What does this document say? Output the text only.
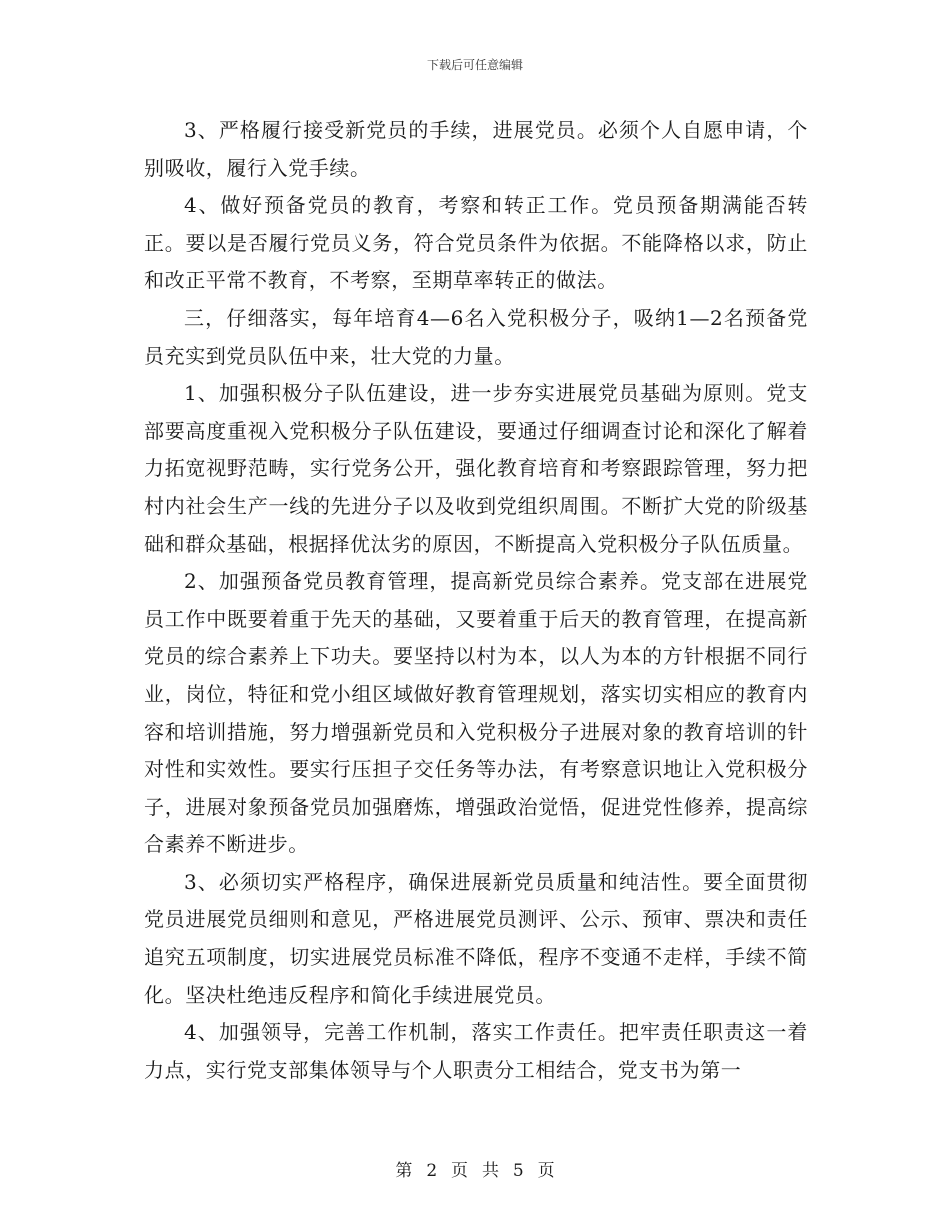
下载后可任意编辑

3、严格履行接受新党员的手续，进展党员。必须个人自愿申请，个别吸收，履行入党手续。

4、做好预备党员的教育，考察和转正工作。党员预备期满能否转正。要以是否履行党员义务，符合党员条件为依据。不能降格以求，防止和改正平常不教育，不考察，至期草率转正的做法。

三，仔细落实，每年培育4—6名入党积极分子，吸纳1—2名预备党员充实到党员队伍中来，壮大党的力量。

1、加强积极分子队伍建设，进一步夯实进展党员基础为原则。党支部要高度重视入党积极分子队伍建设，要通过仔细调查讨论和深化了解着力拓宽视野范畴，实行党务公开，强化教育培育和考察跟踪管理，努力把村内社会生产一线的先进分子以及收到党组织周围。不断扩大党的阶级基础和群众基础，根据择优汰劣的原因，不断提高入党积极分子队伍质量。

2、加强预备党员教育管理，提高新党员综合素养。党支部在进展党员工作中既要着重于先天的基础，又要着重于后天的教育管理，在提高新党员的综合素养上下功夫。要坚持以村为本，以人为本的方针根据不同行业，岗位，特征和党小组区域做好教育管理规划，落实切实相应的教育内容和培训措施，努力增强新党员和入党积极分子进展对象的教育培训的针对性和实效性。要实行压担子交任务等办法，有考察意识地让入党积极分子，进展对象预备党员加强磨炼，增强政治觉悟，促进党性修养，提高综合素养不断进步。

3、必须切实严格程序，确保进展新党员质量和纯洁性。要全面贯彻党员进展党员细则和意见，严格进展党员测评、公示、预审、票决和责任追究五项制度，切实进展党员标准不降低，程序不变通不走样，手续不简化。坚决杜绝违反程序和简化手续进展党员。

4、加强领导，完善工作机制，落实工作责任。把牢责任职责这一着力点，实行党支部集体领导与个人职责分工相结合，党支书为第一

第 2 页 共 5 页
